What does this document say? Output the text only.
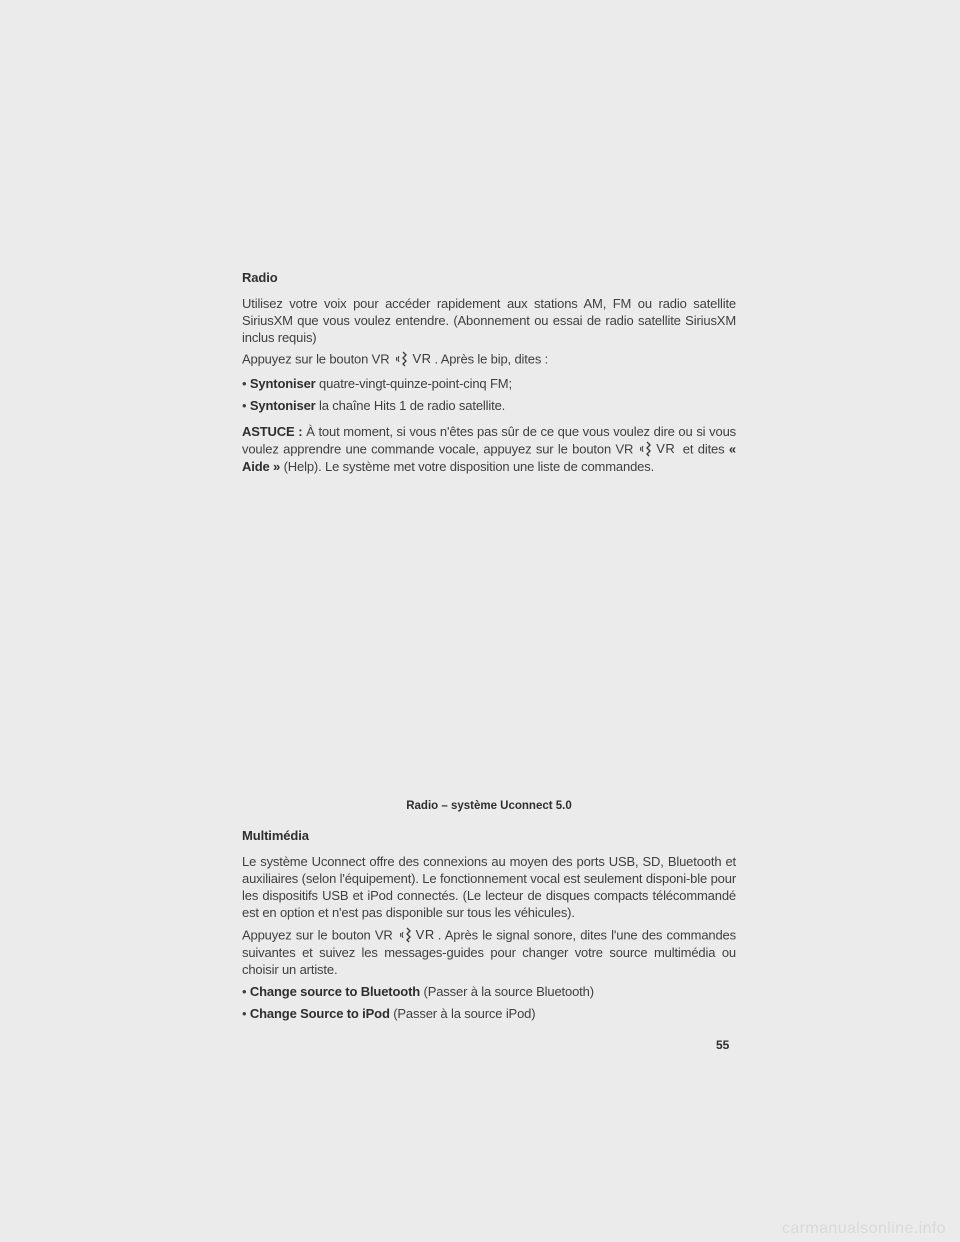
Radio
Utilisez votre voix pour accéder rapidement aux stations AM, FM ou radio satellite SiriusXM que vous voulez entendre. (Abonnement ou essai de radio satellite SiriusXM inclus requis)
Appuyez sur le bouton VR VR . Après le bip, dites :
• Syntoniser quatre-vingt-quinze-point-cinq FM;
• Syntoniser la chaîne Hits 1 de radio satellite.
ASTUCE : À tout moment, si vous n'êtes pas sûr de ce que vous voulez dire ou si vous voulez apprendre une commande vocale, appuyez sur le bouton VR VR et dites « Aide » (Help). Le système met votre disposition une liste de commandes.
Radio – système Uconnect 5.0
Multimédia
Le système Uconnect offre des connexions au moyen des ports USB, SD, Bluetooth et auxiliaires (selon l'équipement). Le fonctionnement vocal est seulement disponi-ble pour les dispositifs USB et iPod connectés. (Le lecteur de disques compacts télécommandé est en option et n'est pas disponible sur tous les véhicules).
Appuyez sur le bouton VR VR . Après le signal sonore, dites l'une des commandes suivantes et suivez les messages-guides pour changer votre source multimédia ou choisir un artiste.
• Change source to Bluetooth (Passer à la source Bluetooth)
• Change Source to iPod (Passer à la source iPod)
55
carmanualsonline.info
